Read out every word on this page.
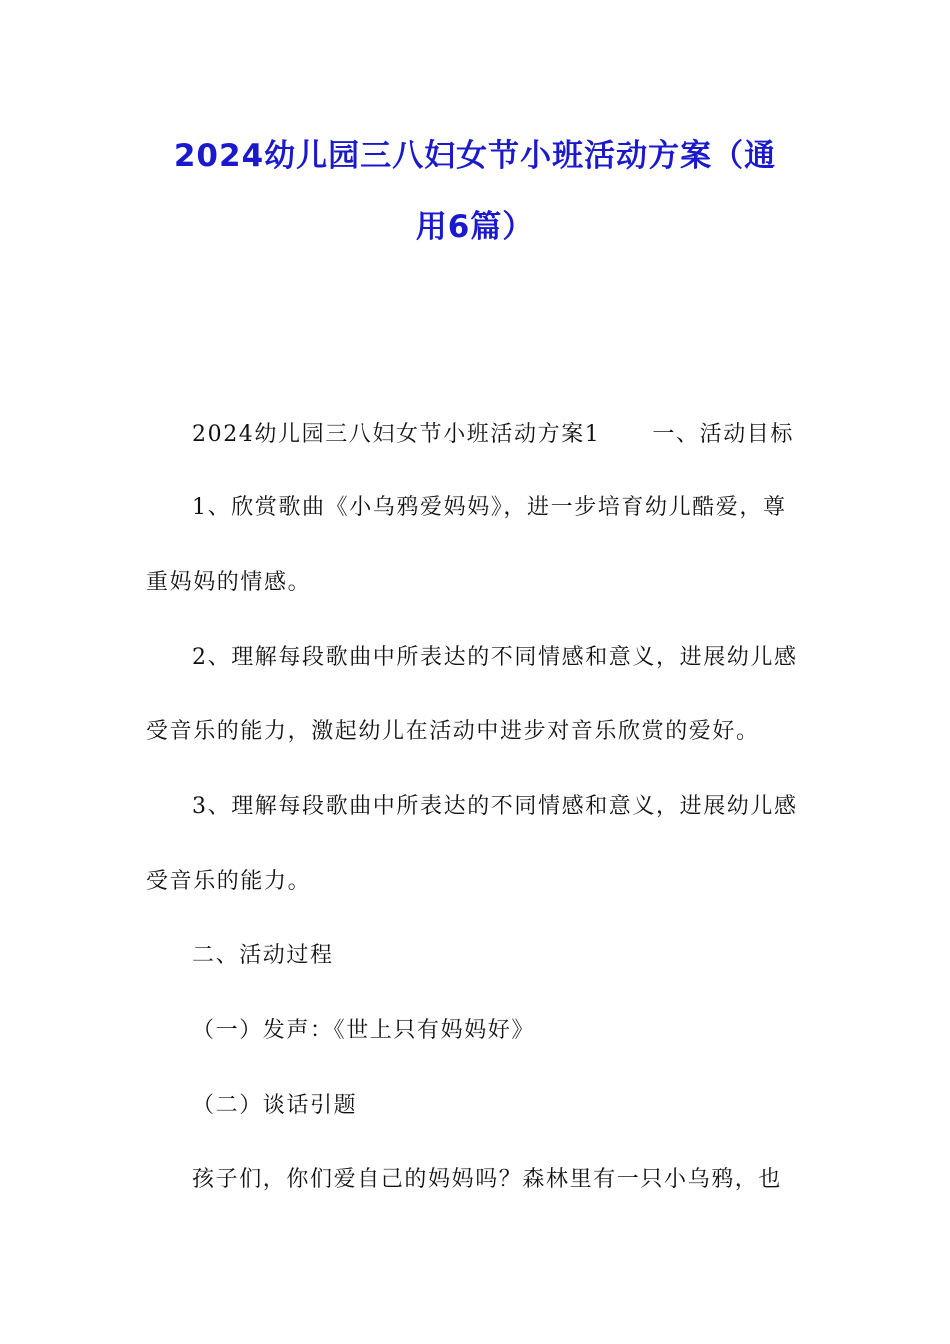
2024幼儿园三八妇女节小班活动方案（通
用6篇）

2024幼儿园三八妇女节小班活动方案1 一、活动目标

1、欣赏歌曲《小乌鸦爱妈妈》，进一步培育幼儿酷爱，尊

重妈妈的情感。

2、理解每段歌曲中所表达的不同情感和意义，进展幼儿感

受音乐的能力，激起幼儿在活动中进步对音乐欣赏的爱好。

3、理解每段歌曲中所表达的不同情感和意义，进展幼儿感

受音乐的能力。

二、活动过程

（一）发声：《世上只有妈妈好》

（二）谈话引题

孩子们，你们爱自己的妈妈吗？森林里有一只小乌鸦，也
